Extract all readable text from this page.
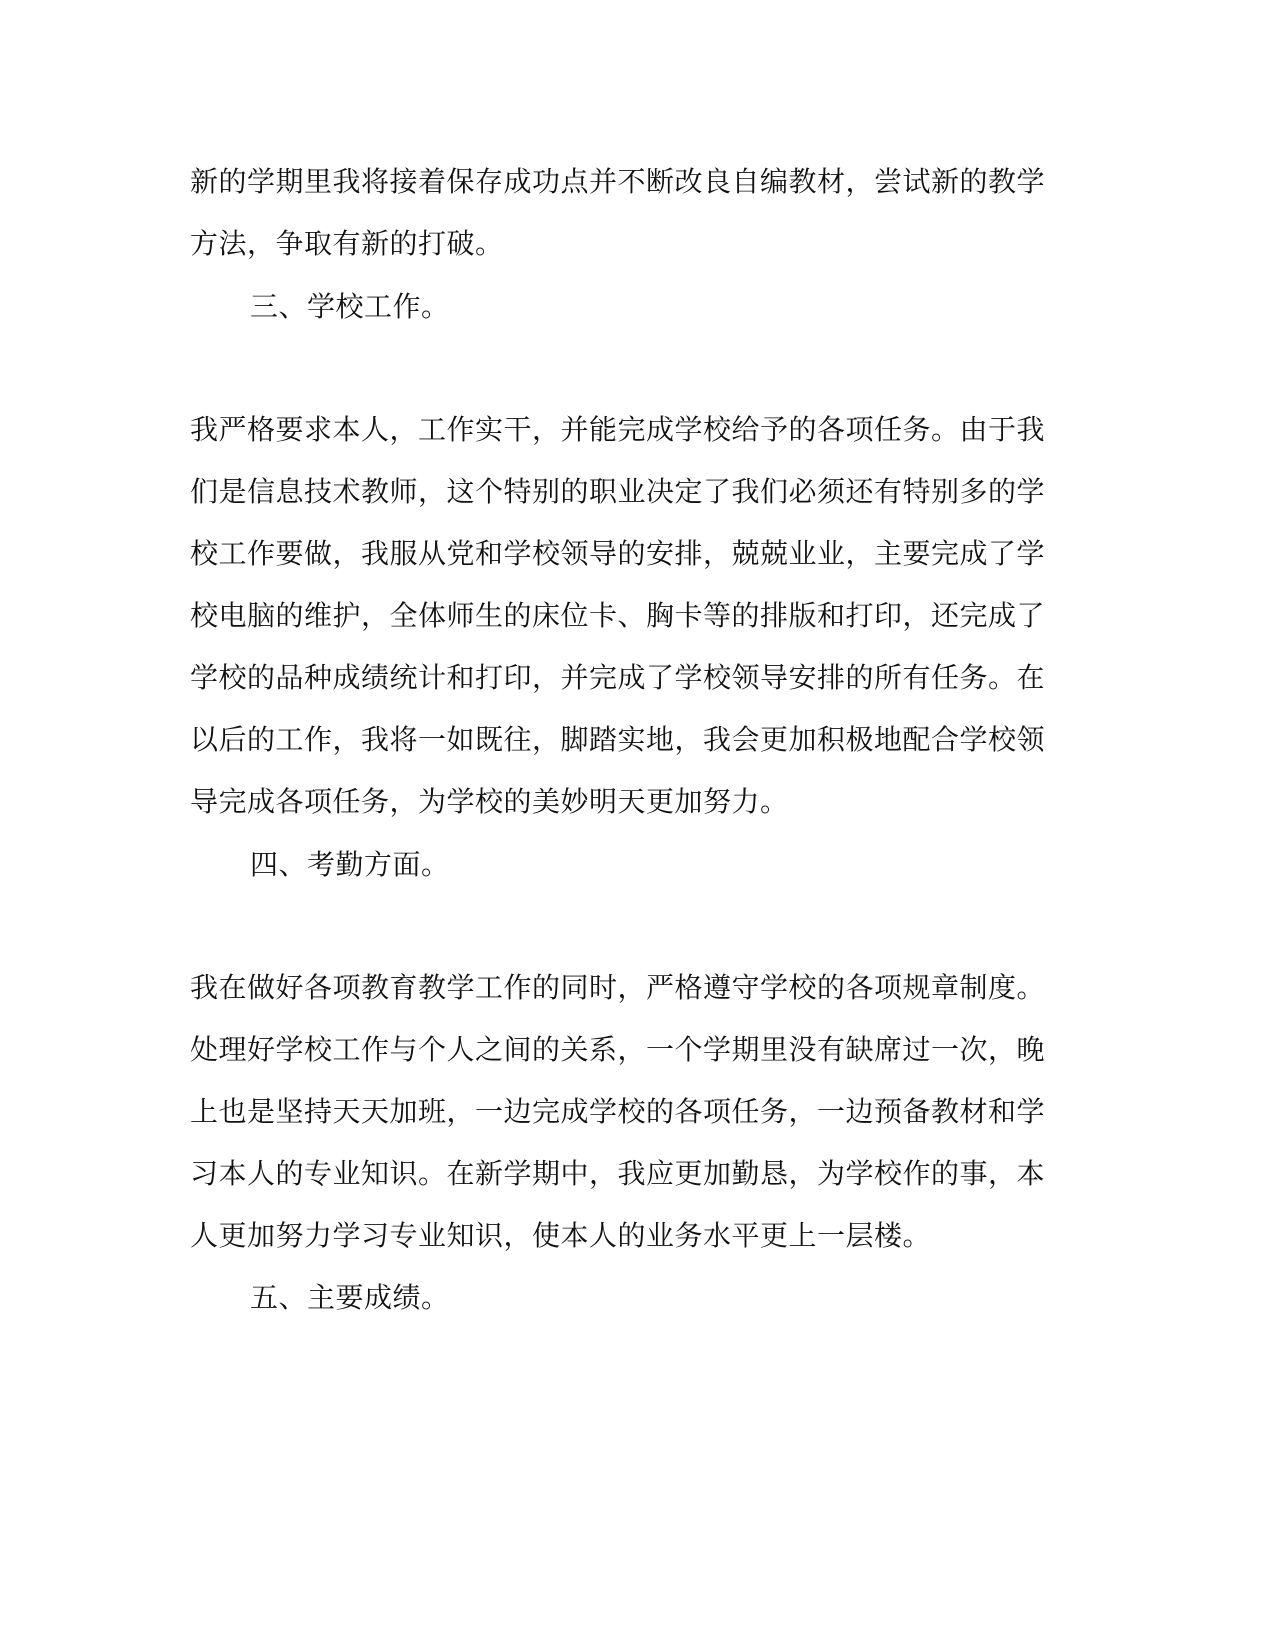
新的学期里我将接着保存成功点并不断改良自编教材，尝试新的教学
方法，争取有新的打破。
三、学校工作。
我严格要求本人，工作实干，并能完成学校给予的各项任务。由于我
们是信息技术教师，这个特别的职业决定了我们必须还有特别多的学
校工作要做，我服从党和学校领导的安排，兢兢业业，主要完成了学
校电脑的维护，全体师生的床位卡、胸卡等的排版和打印，还完成了
学校的品种成绩统计和打印，并完成了学校领导安排的所有任务。在
以后的工作，我将一如既往，脚踏实地，我会更加积极地配合学校领
导完成各项任务，为学校的美妙明天更加努力。
四、考勤方面。
我在做好各项教育教学工作的同时，严格遵守学校的各项规章制度。
处理好学校工作与个人之间的关系，一个学期里没有缺席过一次，晚
上也是坚持天天加班，一边完成学校的各项任务，一边预备教材和学
习本人的专业知识。在新学期中，我应更加勤恳，为学校作的事，本
人更加努力学习专业知识，使本人的业务水平更上一层楼。
五、主要成绩。
